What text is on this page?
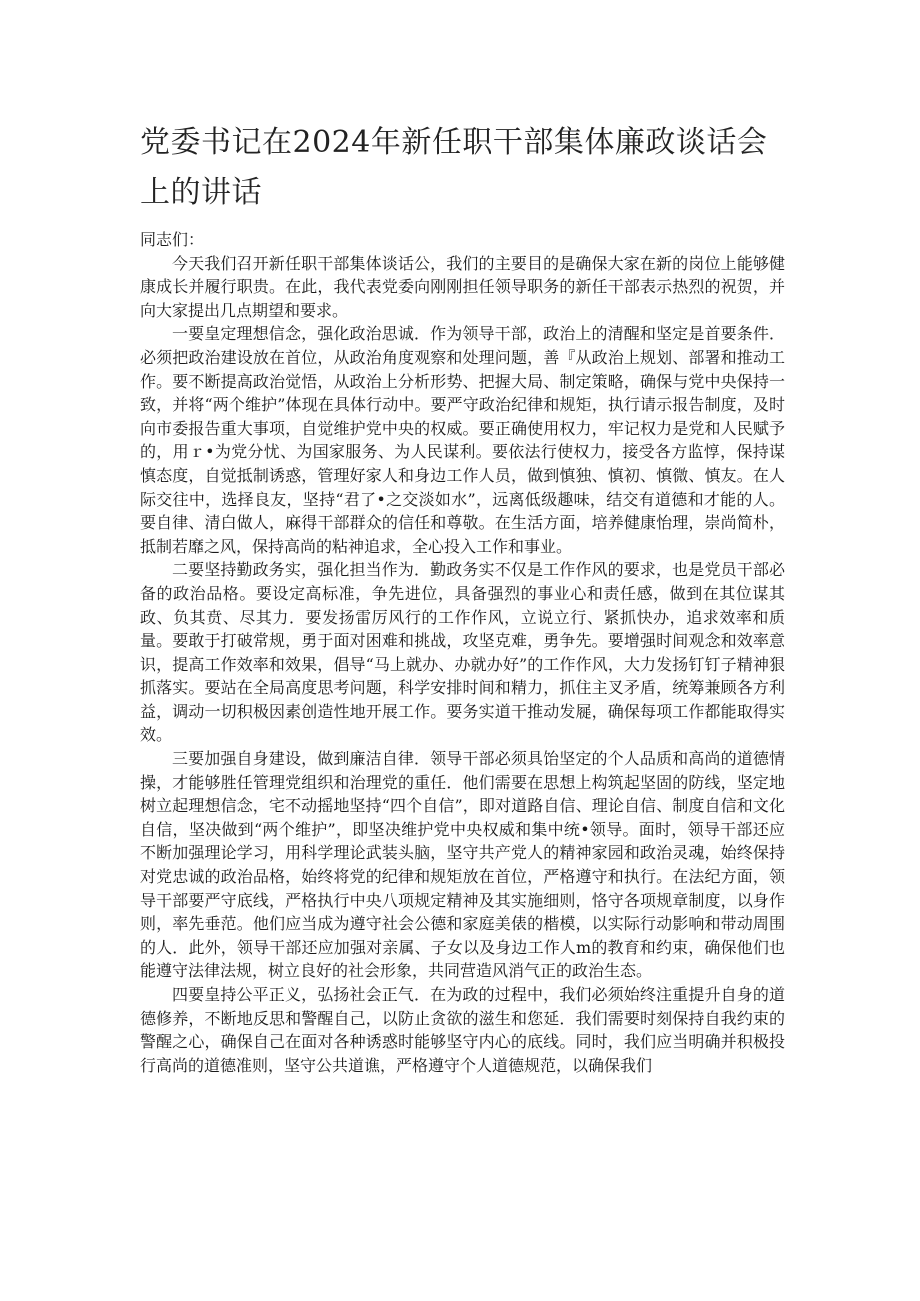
党委书记在2024年新任职干部集体廉政谈话会上的讲话

同志们：

今天我们召开新任职干部集体谈话公，我们的主要目的是确保大家在新的岗位上能够健康成长并履行职贵。在此，我代表党委向刚刚担任领导职务的新任干部表示热烈的祝贺，并向大家提出几点期望和要求。

一要皇定理想信念，强化政治思诚．作为领导干部，政治上的清醒和坚定是首要条件．必须把政治建设放在首位，从政治角度观察和处理问题，善『从政治上规划、部署和推动工作。要不断提高政治觉悟，从政治上分析形势、把握大局、制定策略，确保与党中央保持一致，并将“两个维护”体现在具体行动中。要严守政治纪律和规矩，执行请示报告制度，及时向市委报告重大事项，自觉维护党中央的权威。要正确使用权力，牢记权力是党和人民赋予的，用ｒ•为党分忧、为国家服务、为人民谋利。要依法行使权力，接受各方监惇，保持谋慎态度，自觉抵制诱惑，管理好家人和身边工作人员，做到慎独、慎初、慎微、慎友。在人际交往中，选择良友，坚持“君了•之交淡如水”，远离低级趣味，结交有道德和才能的人。要自律、清白做人，麻得干部群众的信任和尊敬。在生活方面，培养健康怡理，崇尚简朴，抵制若靡之风，保持高尚的粘神追求，全心投入工作和事业。

二要坚持勤政务实，强化担当作为．勤政务实不仅是工作作风的要求，也是党员干部必备的政治品格。要设定高标准，争先进位，具备强烈的事业心和责任感，做到在其位谋其政、负其贲、尽其力．要发扬雷厉风行的工作作风，立说立行、紧抓快办，追求效率和质量。要敢于打破常规，勇于面对困难和挑战，攻坚克难，勇争先。要增强时间观念和效率意识，提高工作效率和效果，倡导“马上就办、办就办好”的工作作风，大力发扬钉钉子精神狠抓落实。要站在全局高度思考问题，科学安排时间和精力，抓住主叉矛盾，统筹兼顾各方利益，调动一切积极因素创造性地开展工作。要务实道干推动发屣，确保每项工作都能取得实效。

三要加强自身建设，做到廉洁自律．领导干部必须具饴坚定的个人品质和高尚的道德情操，才能够胜任管理党组织和治理党的重任．他们需要在思想上构筑起坚固的防线，坚定地树立起理想信念，宅不动摇地坚持“四个自信”，即对道路自信、理论自信、制度自信和文化自信，坚决做到“两个维护”，即坚决维护党中央权威和集中统•领导。面时，领导干部还应不断加强理论学习，用科学理论武装头脑，坚守共产党人的精神家园和政治灵魂，始终保持对党忠诚的政治品格，始终将党的纪律和规矩放在首位，严格遵守和执行。在法纪方面，领导干部要严守底线，严格执行中央八项规定精神及其实施细则，恪守各项规章制度，以身作则，率先垂范。他们应当成为遵守社会公德和家庭美俵的楷模，以实际行动影响和带动周围的人．此外，领导干部还应加强对亲属、子女以及身边工作人m的教育和约束，确保他们也能遵守法律法规，树立良好的社会形象，共同营造风消气正的政治生态。

四要皇持公平正义，弘扬社会正气．在为政的过程中，我们必须始终注重提升自身的道德修养，不断地反思和警醒自己，以防止贪欲的滋生和您延．我们需要时刻保持自我约束的警醒之心，确保自己在面对各种诱惑时能够坚守内心的底线。同时，我们应当明确并积极投行高尚的道德准则，坚守公共道谯，严格遵守个人道德规范，以确保我们
